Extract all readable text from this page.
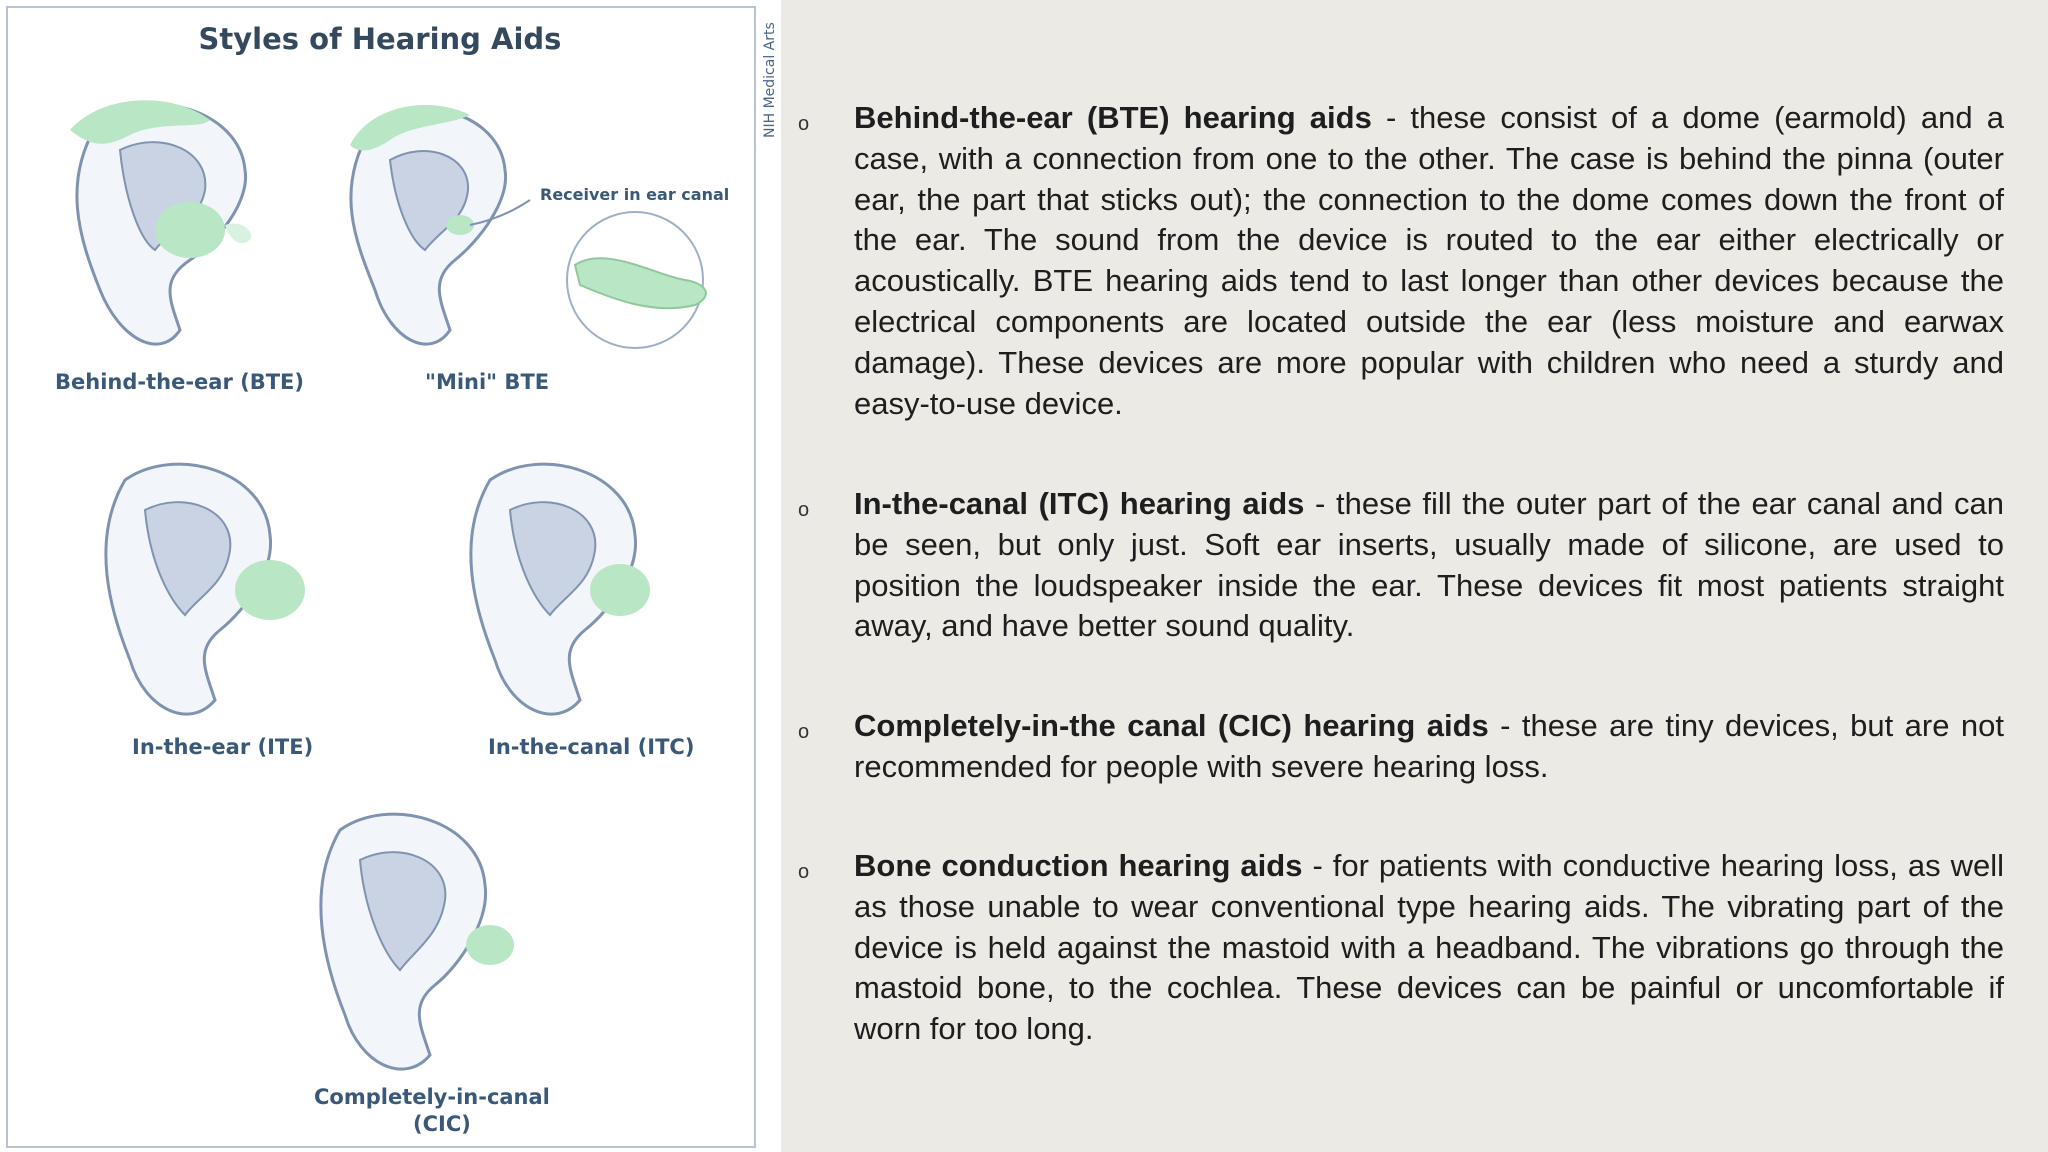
Styles of Hearing Aids	NIH Medical Arts
Behind-the-ear (BTE)	"Mini" BTE
Receiver in ear canal
In-the-ear (ITE)	In-the-canal (ITC)
Completely-in-canal
(CIC)
o Behind-the-ear (BTE) hearing aids - these consist of a dome (earmold) and a case, with a connection from one to the other. The case is behind the pinna (outer ear, the part that sticks out); the connection to the dome comes down the front of the ear. The sound from the device is routed to the ear either electrically or acoustically. BTE hearing aids tend to last longer than other devices because the electrical components are located outside the ear (less moisture and earwax damage). These devices are more popular with children who need a sturdy and easy-to-use device.

o In-the-canal (ITC) hearing aids - these fill the outer part of the ear canal and can be seen, but only just. Soft ear inserts, usually made of silicone, are used to position the loudspeaker inside the ear. These devices fit most patients straight away, and have better sound quality.

o Completely-in-the canal (CIC) hearing aids - these are tiny devices, but are not recommended for people with severe hearing loss.

o Bone conduction hearing aids - for patients with conductive hearing loss, as well as those unable to wear conventional type hearing aids. The vibrating part of the device is held against the mastoid with a headband. The vibrations go through the mastoid bone, to the cochlea. These devices can be painful or uncomfortable if worn for too long.
